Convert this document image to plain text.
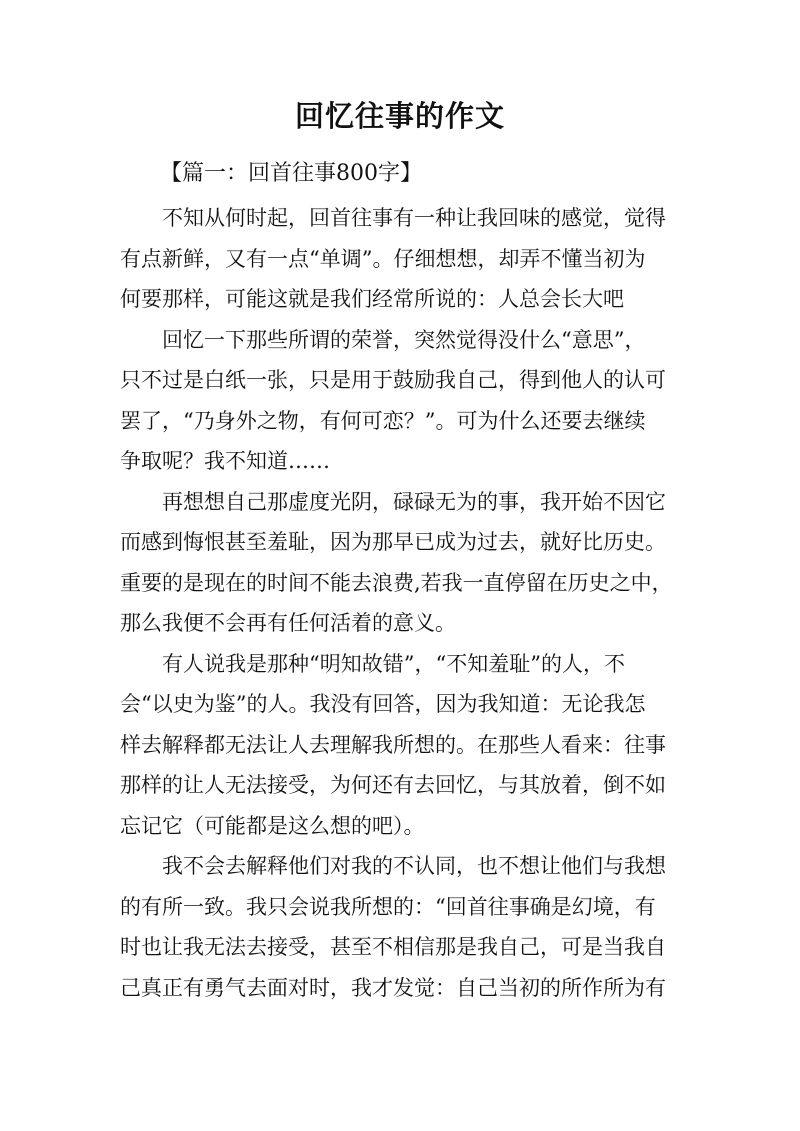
回忆往事的作文
【篇一：回首往事800字】

不知从何时起，回首往事有一种让我回味的感觉，觉得
有点新鲜，又有一点“单调”。仔细想想，却弄不懂当初为
何要那样，可能这就是我们经常所说的：人总会长大吧

回忆一下那些所谓的荣誉，突然觉得没什么“意思”，
只不过是白纸一张，只是用于鼓励我自己，得到他人的认可
罢了，“乃身外之物，有何可恋？”。可为什么还要去继续
争取呢？我不知道……

再想想自己那虚度光阴，碌碌无为的事，我开始不因它
而感到悔恨甚至羞耻，因为那早已成为过去，就好比历史。
重要的是现在的时间不能去浪费,若我一直停留在历史之中，
那么我便不会再有任何活着的意义。

有人说我是那种“明知故错”，“不知羞耻”的人，不
会“以史为鉴”的人。我没有回答，因为我知道：无论我怎
样去解释都无法让人去理解我所想的。在那些人看来：往事
那样的让人无法接受，为何还有去回忆，与其放着，倒不如
忘记它（可能都是这么想的吧）。

我不会去解释他们对我的不认同，也不想让他们与我想
的有所一致。我只会说我所想的：“回首往事确是幻境，有
时也让我无法去接受，甚至不相信那是我自己，可是当我自
己真正有勇气去面对时，我才发觉：自己当初的所作所为有
